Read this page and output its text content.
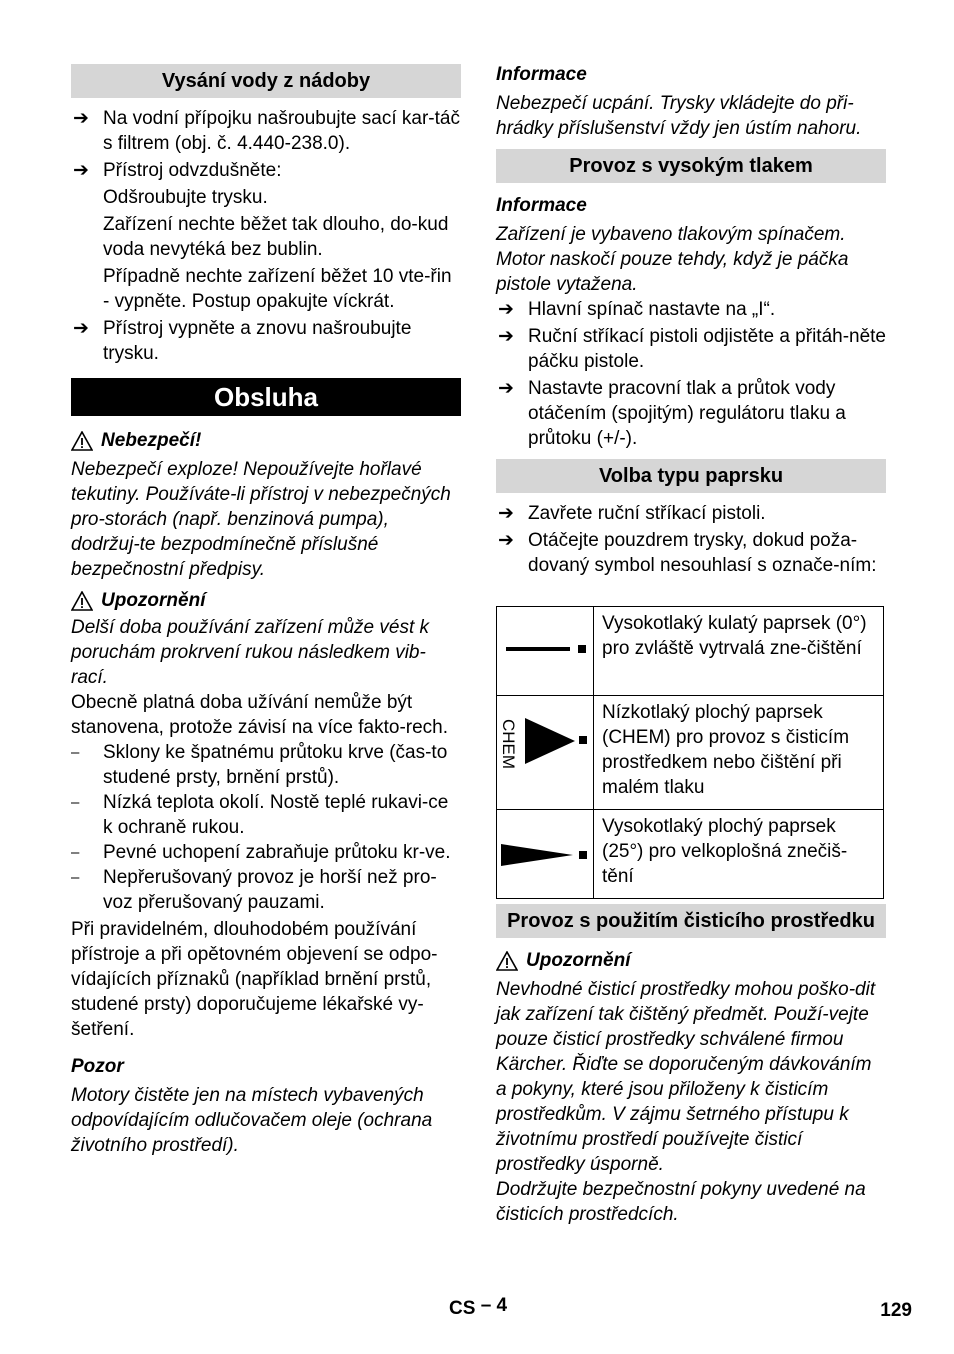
Vysání vody z nádoby
➔ Na vodní přípojku našroubujte sací kar-táč s filtrem (obj. č. 4.440-238.0).
➔ Přístroj odvzdušněte:

Odšroubujte trysku.

Zařízení nechte běžet tak dlouho, do-kud voda nevytéká bez bublin.

Případně nechte zařízení běžet 10 vte-řin - vypněte. Postup opakujte víckrát.

➔ Přístroj vypněte a znovu našroubujte trysku.
Obsluha
Nebezpečí!

Nebezpečí exploze! Nepoužívejte hořlavé tekutiny. Používáte-li přístroj v nebezpečných pro-storách (např. benzinová pumpa), dodržuj-te bezpodmínečně příslušné bezpečnostní předpisy.

Upozornění

Delší doba používání zařízení může vést k poruchám prokrvení rukou následkem vib-rací.

Obecně platná doba užívání nemůže být stanovena, protože závisí na více fakto-rech.

– Sklony ke špatnému průtoku krve (čas-to studené prsty, brnění prstů).
– Nízká teplota okolí. Nostě teplé rukavi-ce k ochraně rukou.
– Pevné uchopení zabraňuje průtoku kr-ve.
– Nepřerušovaný provoz je horší než pro-voz přerušovaný pauzami.

Při pravidelném, dlouhodobém používání přístroje a při opětovném objevení se odpo-vídajících příznaků (například brnění prstů, studené prsty) doporučujeme lékařské vy-šetření.

Pozor

Motory čistěte jen na místech vybavených odpovídajícím odlučovačem oleje (ochrana životního prostředí).

Informace

Nebezpečí ucpání. Trysky vkládejte do při-hrádky příslušenství vždy jen ústím nahoru.

Provoz s vysokým tlakem

Informace

Zařízení je vybaveno tlakovým spínačem. Motor naskočí pouze tehdy, když je páčka pistole vytažena.

➔ Hlavní spínač nastavte na „I“.
➔ Ruční stříkací pistoli odjistěte a přitáh-něte páčku pistole.
➔ Nastavte pracovní tlak a průtok vody otáčením (spojitým) regulátoru tlaku a průtoku (+/-).
Volba typu paprsku
➔ Zavřete ruční stříkací pistoli.
➔ Otáčejte pouzdrem trysky, dokud poža-dovaný symbol nesouhlasí s označe-ním:
	Vysokotlaký kulatý paprsek (0°) pro zvláště vytrvalá zne-čištění

CHEM	Nízkotlaký plochý paprsek (CHEM) pro provoz s čisticím prostředkem nebo čištění při malém tlaku

	Vysokotlaký plochý paprsek (25°) pro velkoplošná znečiš-tění
Provoz s použitím čisticího prostředku
Upozornění

Nevhodné čisticí prostředky mohou poško-dit jak zařízení tak čištěný předmět. Použí-vejte pouze čisticí prostředky schválené firmou Kärcher. Řiďte se doporučeným dávkováním a pokyny, které jsou přiloženy k čisticím prostředkům. V zájmu šetrného přístupu k životnímu prostředí používejte čisticí prostředky úsporně.

Dodržujte bezpečnostní pokyny uvedené na čisticích prostředcích.

CS – 4	129
